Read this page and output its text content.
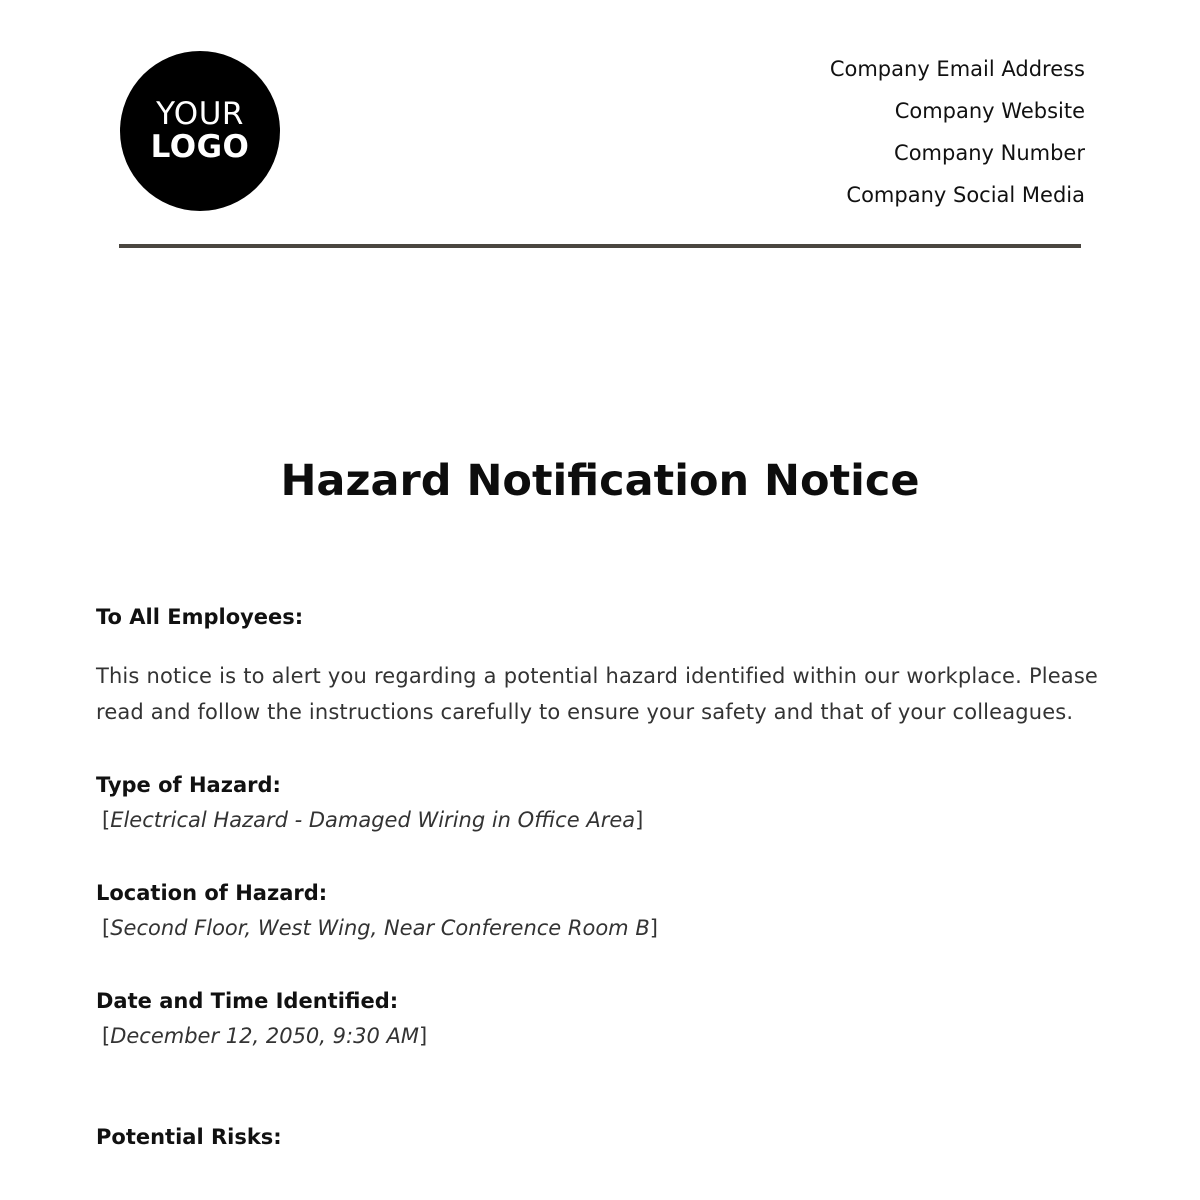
YOUR
LOGO
Company Email Address
Company Website
Company Number
Company Social Media
Hazard Notification Notice
To All Employees:
This notice is to alert you regarding a potential hazard identified within our workplace. Please read and follow the instructions carefully to ensure your safety and that of your colleagues.
Type of Hazard:
[Electrical Hazard - Damaged Wiring in Office Area]
Location of Hazard:
[Second Floor, West Wing, Near Conference Room B]
Date and Time Identified:
[December 12, 2050, 9:30 AM]
Potential Risks:
